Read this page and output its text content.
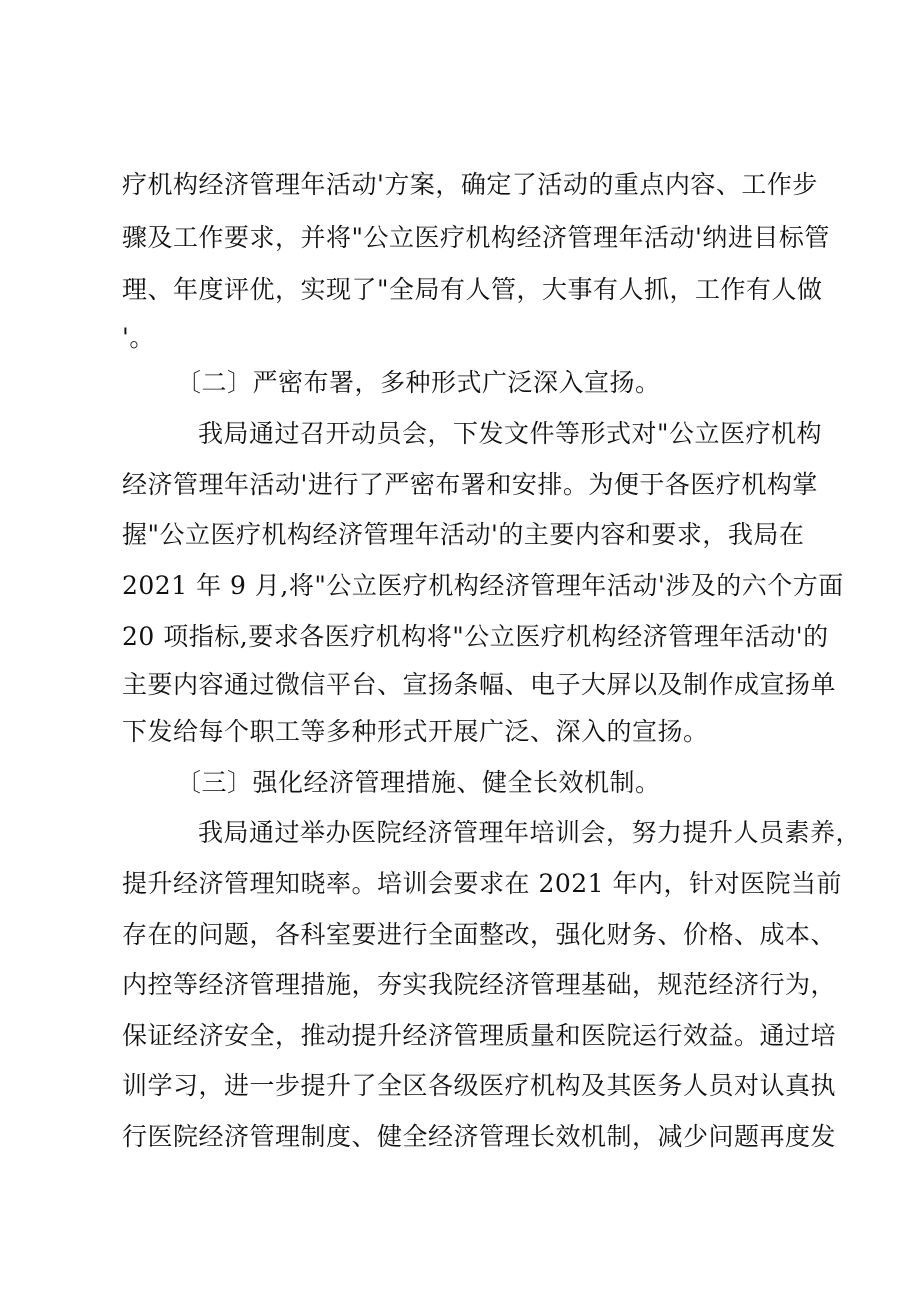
疗机构经济管理年活动'方案，确定了活动的重点内容、工作步
骤及工作要求，并将"公立医疗机构经济管理年活动'纳进目标管
理、年度评优，实现了"全局有人管，大事有人抓，工作有人做
'。
〔二〕严密布署，多种形式广泛深入宣扬。
我局通过召开动员会，下发文件等形式对"公立医疗机构
经济管理年活动'进行了严密布署和安排。为便于各医疗机构掌
握"公立医疗机构经济管理年活动'的主要内容和要求，我局在
2021 年 9 月,将"公立医疗机构经济管理年活动'涉及的六个方面
20 项指标,要求各医疗机构将"公立医疗机构经济管理年活动'的
主要内容通过微信平台、宣扬条幅、电子大屏以及制作成宣扬单
下发给每个职工等多种形式开展广泛、深入的宣扬。
〔三〕强化经济管理措施、健全长效机制。
我局通过举办医院经济管理年培训会，努力提升人员素养，
提升经济管理知晓率。培训会要求在 2021 年内，针对医院当前
存在的问题，各科室要进行全面整改，强化财务、价格、成本、
内控等经济管理措施，夯实我院经济管理基础，规范经济行为，
保证经济安全，推动提升经济管理质量和医院运行效益。通过培
训学习，进一步提升了全区各级医疗机构及其医务人员对认真执
行医院经济管理制度、健全经济管理长效机制，减少问题再度发
